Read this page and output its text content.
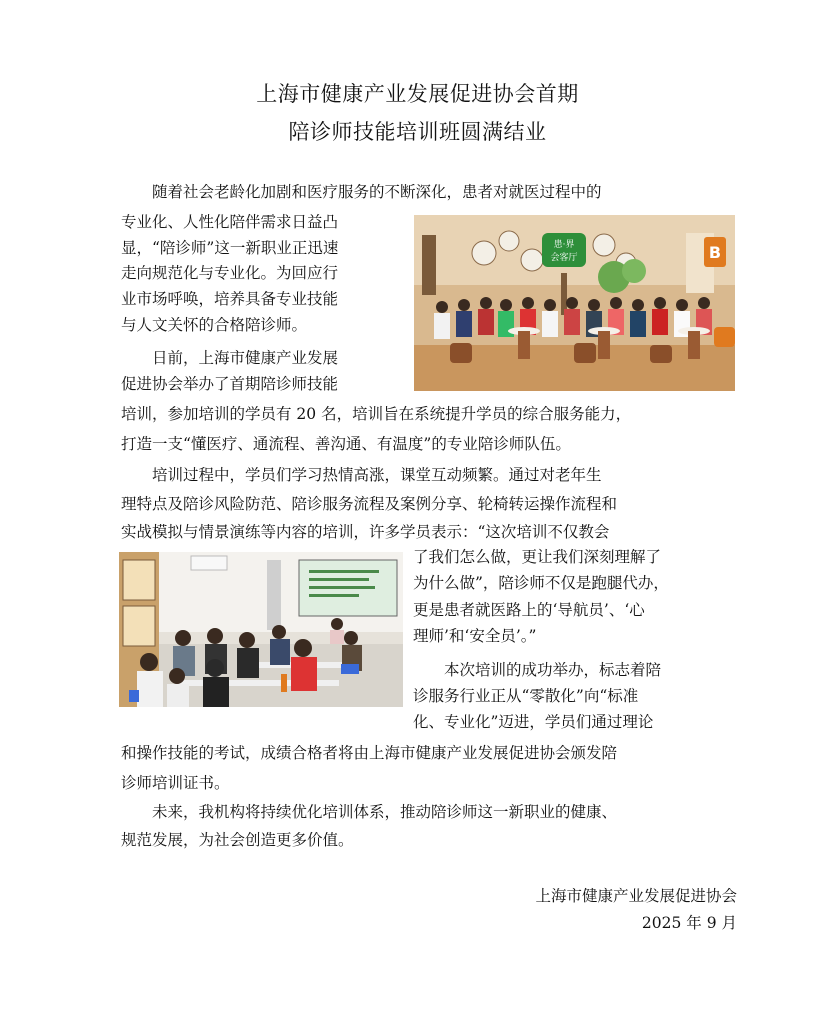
上海市健康产业发展促进协会首期
陪诊师技能培训班圆满结业
　　随着社会老龄化加剧和医疗服务的不断深化，患者对就医过程中的
专业化、人性化陪伴需求日益凸
显，“陪诊师”这一新职业正迅速
走向规范化与专业化。为回应行
业市场呼唤，培养具备专业技能
与人文关怀的合格陪诊师。
　　日前，上海市健康产业发展
促进协会举办了首期陪诊师技能
培训，参加培训的学员有 20 名，培训旨在系统提升学员的综合服务能力，
打造一支“懂医疗、通流程、善沟通、有温度”的专业陪诊师队伍。
　　培训过程中，学员们学习热情高涨，课堂互动频繁。通过对老年生
理特点及陪诊风险防范、陪诊服务流程及案例分享、轮椅转运操作流程和
实战模拟与情景演练等内容的培训，许多学员表示：“这次培训不仅教会
了我们怎么做，更让我们深刻理解了
为什么做”，陪诊师不仅是跑腿代办，
更是患者就医路上的‘导航员’、‘心
理师’和‘安全员’。”
　　本次培训的成功举办，标志着陪
诊服务行业正从“零散化”向“标准
化、专业化”迈进，学员们通过理论
和操作技能的考试，成绩合格者将由上海市健康产业发展促进协会颁发陪
诊师培训证书。
　　未来，我机构将持续优化培训体系，推动陪诊师这一新职业的健康、
规范发展，为社会创造更多价值。
患·界
会客厅	B
上海市健康产业发展促进协会
2025 年 9 月
